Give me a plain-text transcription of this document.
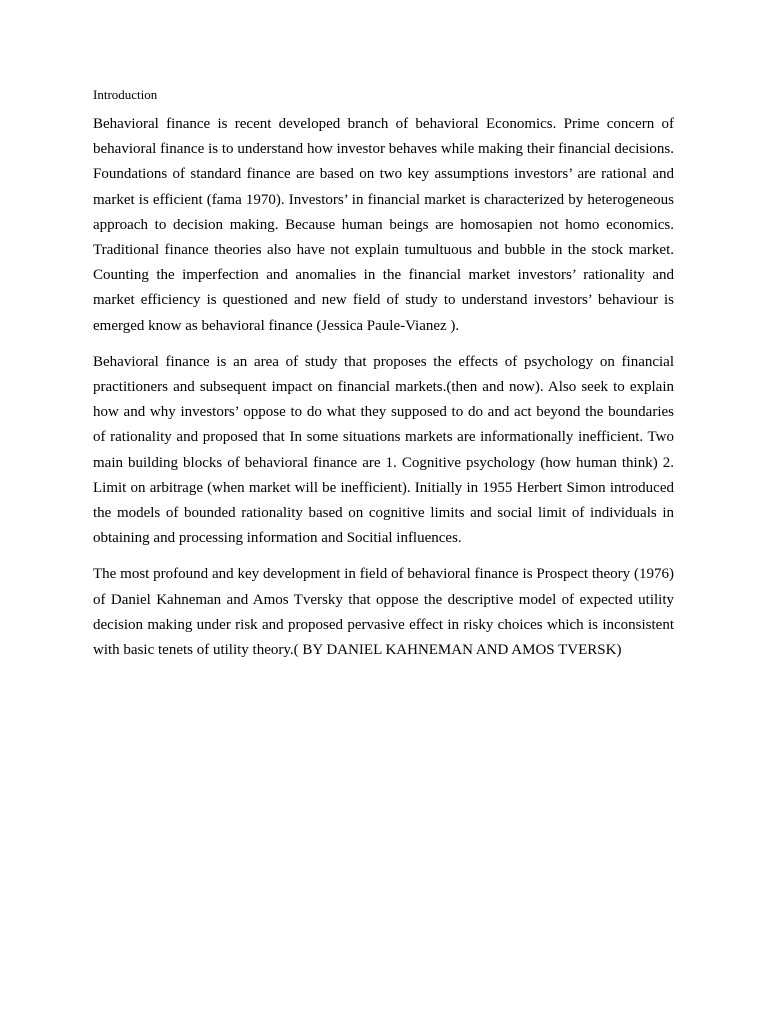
Introduction

Behavioral finance is recent developed branch of behavioral Economics. Prime concern of behavioral finance is to understand how investor behaves while making their financial decisions. Foundations of standard finance are based on two key assumptions investors’ are rational and market is efficient (fama 1970). Investors’ in financial market is characterized by heterogeneous approach to decision making. Because human beings are homosapien not homo economics. Traditional finance theories also have not explain tumultuous and bubble in the stock market. Counting the imperfection and anomalies in the financial market investors’ rationality and market efficiency is questioned and new field of study to understand investors’ behaviour is emerged know as behavioral finance (Jessica Paule-Vianez ).

Behavioral finance is an area of study that proposes the effects of psychology on financial practitioners and subsequent impact on financial markets.(then and now). Also seek to explain how and why investors’ oppose to do what they supposed to do and act beyond the boundaries of rationality and proposed that In some situations markets are informationally inefficient. Two main building blocks of behavioral finance are 1. Cognitive psychology (how human think) 2. Limit on arbitrage (when market will be inefficient). Initially in 1955 Herbert Simon introduced the models of bounded rationality based on cognitive limits and social limit of individuals in obtaining and processing information and Socitial influences.

The most profound and key development in field of behavioral finance is Prospect theory (1976) of Daniel Kahneman and Amos Tversky that oppose the descriptive model of expected utility decision making under risk and proposed pervasive effect in risky choices which is inconsistent with basic tenets of utility theory.( BY DANIEL KAHNEMAN AND AMOS TVERSK)
